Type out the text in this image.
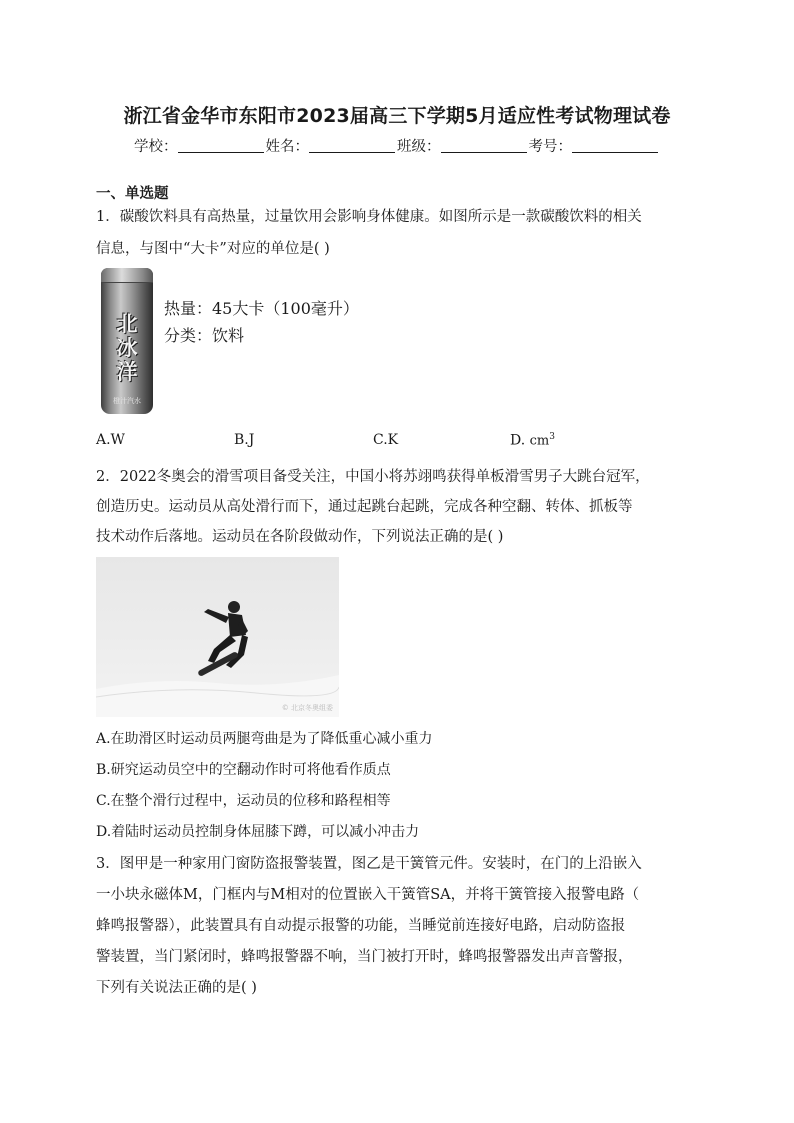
浙江省金华市东阳市2023届高三下学期5月适应性考试物理试卷
学校：	姓名：	班级：	考号：
一、单选题
1．碳酸饮料具有高热量，过量饮用会影响身体健康。如图所示是一款碳酸饮料的相关
信息，与图中“大卡”对应的单位是( )
北
冰
洋
橙汁汽水
热量：45大卡（100毫升）
分类：饮料
A.W	B.J	C.K	D. $cm^3$
2．2022冬奥会的滑雪项目备受关注，中国小将苏翊鸣获得单板滑雪男子大跳台冠军，
创造历史。运动员从高处滑行而下，通过起跳台起跳，完成各种空翻、转体、抓板等
技术动作后落地。运动员在各阶段做动作，下列说法正确的是( )
© 北京冬奥组委
A.在助滑区时运动员两腿弯曲是为了降低重心减小重力
B.研究运动员空中的空翻动作时可将他看作质点
C.在整个滑行过程中，运动员的位移和路程相等
D.着陆时运动员控制身体屈膝下蹲，可以减小冲击力
3．图甲是一种家用门窗防盗报警装置，图乙是干簧管元件。安装时，在门的上沿嵌入
一小块永磁体M，门框内与M相对的位置嵌入干簧管SA，并将干簧管接入报警电路（
蜂鸣报警器），此装置具有自动提示报警的功能，当睡觉前连接好电路，启动防盗报
警装置，当门紧闭时，蜂鸣报警器不响，当门被打开时，蜂鸣报警器发出声音警报，
下列有关说法正确的是( )
